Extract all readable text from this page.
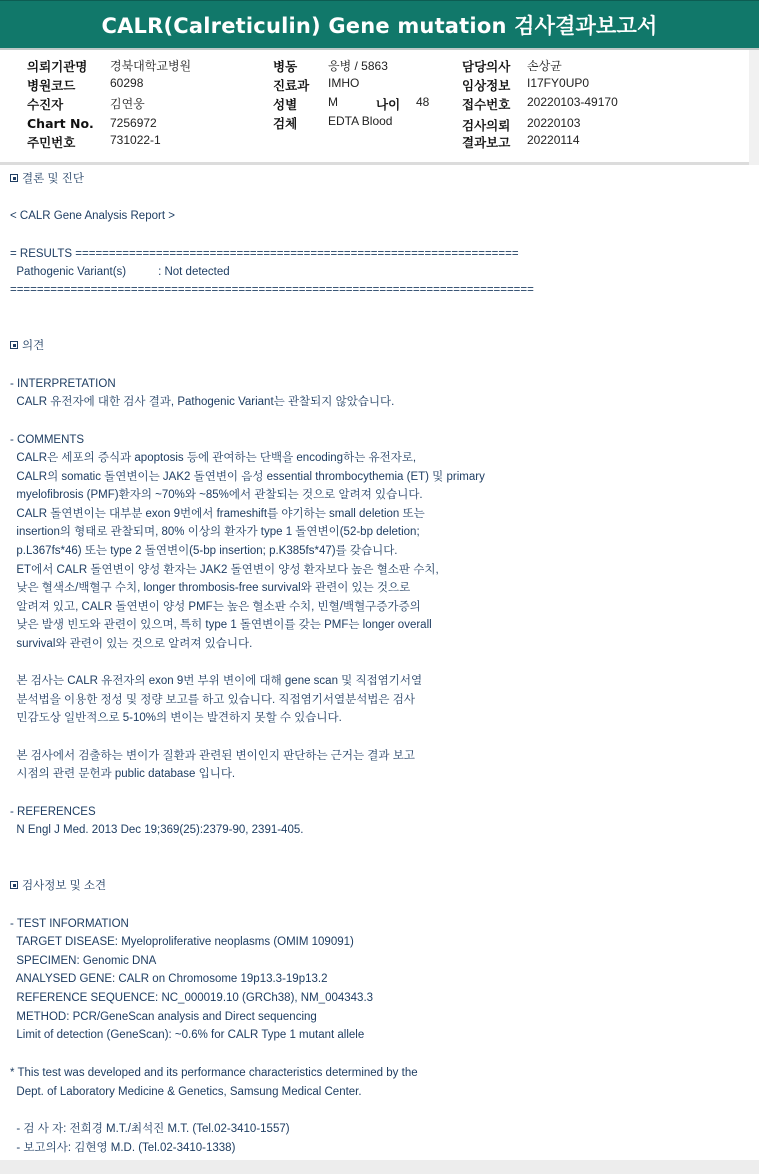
CALR(Calreticulin) Gene mutation 검사결과보고서
의뢰기관명 경북대학교병원
병원코드	60298
수진자	김연웅
Chart No. 7256972
주민번호	731022-1
병동	응병 / 5863
진료과 IMHO
성별	M	나이 48
검체	EDTA Blood
담당의사 손상균
임상정보 I17FY0UP0
접수번호 20220103-49170
검사의뢰 20220103
결과보고 20220114
결론 및 진단
< CALR Gene Analysis Report >
= RESULTS ==================================================================
Pathogenic Variant(s)          : Not detected
==============================================================================
의견
- INTERPRETATION
CALR 유전자에 대한 검사 결과, Pathogenic Variant는 관찰되지 않았습니다.
- COMMENTS
CALR은 세포의 증식과 apoptosis 등에 관여하는 단백을 encoding하는 유전자로,
CALR의 somatic 돌연변이는 JAK2 돌연변이 음성 essential thrombocythemia (ET) 및 primary
myelofibrosis (PMF)환자의 ~70%와 ~85%에서 관찰되는 것으로 알려져 있습니다.
CALR 돌연변이는 대부분 exon 9번에서 frameshift를 야기하는 small deletion 또는
insertion의 형태로 관찰되며, 80% 이상의 환자가 type 1 돌연변이(52-bp deletion;
p.L367fs*46) 또는 type 2 돌연변이(5-bp insertion; p.K385fs*47)를 갖습니다.
ET에서 CALR 돌연변이 양성 환자는 JAK2 돌연변이 양성 환자보다 높은 혈소판 수치,
낮은 혈색소/백혈구 수치, longer thrombosis-free survival와 관련이 있는 것으로
알려져 있고, CALR 돌연변이 양성 PMF는 높은 혈소판 수치, 빈혈/백혈구증가증의
낮은 발생 빈도와 관련이 있으며, 특히 type 1 돌연변이를 갖는 PMF는 longer overall
survival와 관련이 있는 것으로 알려져 있습니다.
본 검사는 CALR 유전자의 exon 9번 부위 변이에 대해 gene scan 및 직접염기서열
분석법을 이용한 정성 및 정량 보고를 하고 있습니다. 직접염기서열분석법은 검사
민감도상 일반적으로 5-10%의 변이는 발견하지 못할 수 있습니다.
본 검사에서 검출하는 변이가 질환과 관련된 변이인지 판단하는 근거는 결과 보고
시점의 관련 문헌과 public database 입니다.
- REFERENCES
N Engl J Med. 2013 Dec 19;369(25):2379-90, 2391-405.
검사정보 및 소견
- TEST INFORMATION
TARGET DISEASE: Myeloproliferative neoplasms (OMIM 109091)
SPECIMEN: Genomic DNA
ANALYSED GENE: CALR on Chromosome 19p13.3-19p13.2
REFERENCE SEQUENCE: NC_000019.10 (GRCh38), NM_004343.3
METHOD: PCR/GeneScan analysis and Direct sequencing
Limit of detection (GeneScan): ~0.6% for CALR Type 1 mutant allele
* This test was developed and its performance characteristics determined by the
Dept. of Laboratory Medicine & Genetics, Samsung Medical Center.
- 검 사 자: 전희경 M.T./최석진 M.T. (Tel.02-3410-1557)
- 보고의사: 김현영 M.D. (Tel.02-3410-1338)
